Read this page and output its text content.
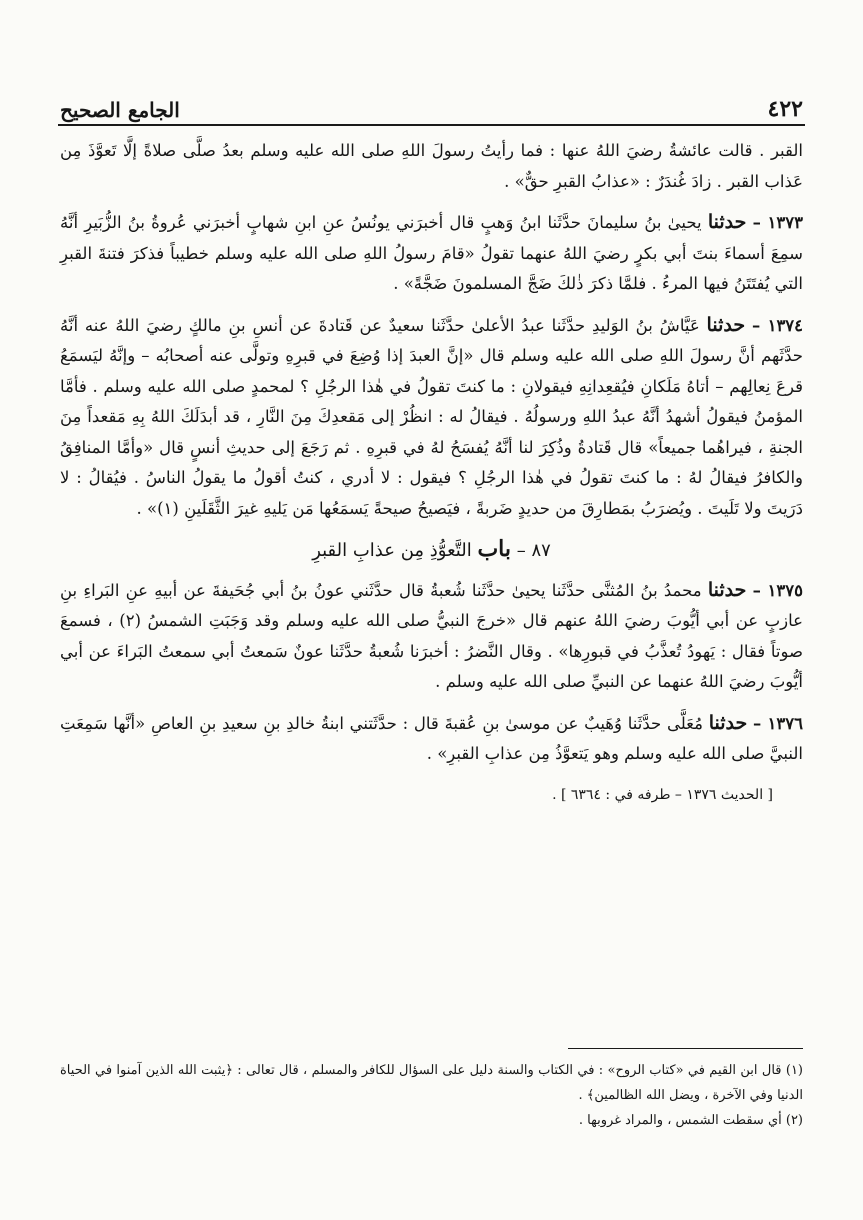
٤٢٢
الجامع الصحيح

القبر . قالت عائشةُ رضيَ اللهُ عنها : فما رأيتُ رسولَ اللهِ صلى الله عليه وسلم بعدُ صلَّى صلاةً إلَّا تَعوَّذَ مِن عَذاب القبر . زادَ غُندَرٌ : «عذابُ القبرِ حقٌّ» .

١٣٧٣ – حدثنا يحيىٰ بنُ سليمانَ حدَّثَنا ابنُ وَهبٍ قال أخبرَني يونُسُ عنِ ابنِ شهابٍ أخبرَني عُروةُ بنُ الزُّبَيرِ أنَّهُ سمِعَ أسماءَ بنتَ أبي بكرٍ رضيَ اللهُ عنهما تقولُ «قامَ رسولُ اللهِ صلى الله عليه وسلم خطيباً فذكرَ فتنةَ القبرِ التي يُفتَتَنُ فيها المرءُ . فلمَّا ذكرَ ذٰلكَ ضَجَّ المسلمونَ ضَجَّةً» .

١٣٧٤ – حدثنا عَيَّاشُ بنُ الوَليدِ حدَّثَنا عبدُ الأعلىٰ حدَّثَنا سعيدٌ عن قَتادةَ عن أنسِ بنِ مالكٍ رضيَ اللهُ عنه أنَّهُ حدَّثَهم أنَّ رسولَ اللهِ صلى الله عليه وسلم قال «إنَّ العبدَ إذا وُضِعَ في قبرِهِ وتولَّى عنه أصحابُه – وإنَّهُ ليَسمَعُ قرعَ نِعالِهم – أتاهُ مَلَكانِ فيُقعِدانِهِ فيقولانِ : ما كنتَ تقولُ في هٰذا الرجُلِ ؟ لمحمدٍ صلى الله عليه وسلم . فأمَّا المؤمنُ فيقولُ أشهدُ أنَّهُ عبدُ اللهِ ورسولُهُ . فيقالُ له : انظُرْ إلى مَقعدِكَ مِنَ النَّارِ ، قد أبدَلَكَ اللهُ بِهِ مَقعداً مِنَ الجنةِ ، فيراهُما جميعاً» قال قَتادةُ وذُكِرَ لنا أنَّهُ يُفسَحُ لهُ في قبرِهِ . ثم رَجَعَ إلى حديثِ أنسٍ قال «وأمَّا المنافِقُ والكافرُ فيقالُ لهُ : ما كنتَ تقولُ في هٰذا الرجُلِ ؟ فيقول : لا أدري ، كنتُ أقولُ ما يقولُ الناسُ . فيُقالُ : لا دَرَيتَ ولا تَلَيتَ . ويُضرَبُ بمَطارِقَ من حديدٍ ضَربةً ، فيَصيحُ صيحةً يَسمَعُها مَن يَليهِ غيرَ الثَّقَلَينِ (١)» .

٨٧ – باب التَّعوُّذِ مِن عذابِ القبرِ

١٣٧٥ – حدثنا محمدُ بنُ المُثنَّى حدَّثَنا يحيىٰ حدَّثَنا شُعبةُ قال حدَّثَني عونُ بنُ أبي جُحَيفةَ عن أبيهِ عنِ البَراءِ بنِ عازبٍ عن أبي أيُّوبَ رضيَ اللهُ عنهم قال «خرجَ النبيُّ صلى الله عليه وسلم وقد وَجَبَتِ الشمسُ (٢) ، فسمعَ صوتاً فقال : يَهودُ تُعذَّبُ في قبورِها» . وقال النَّضرُ : أخبرَنا شُعبةُ حدَّثَنا عونٌ سَمعتُ أبي سمعتُ البَراءَ عن أبي أيُّوبَ رضيَ اللهُ عنهما عن النبيِّ صلى الله عليه وسلم .

١٣٧٦ – حدثنا مُعَلَّى حدَّثَنا وُهَيبٌ عن موسىٰ بنِ عُقبةَ قال : حدَّثَتني ابنةُ خالدِ بنِ سعيدِ بنِ العاصِ «أنَّها سَمِعَتِ النبيَّ صلى الله عليه وسلم وهو يَتعوَّذُ مِن عذابِ القبرِ» .

[ الحديث ١٣٧٦ – طرفه في : ٦٣٦٤ ] .

(١) قال ابن القيم في «كتاب الروح» : في الكتاب والسنة دليل على السؤال للكافر والمسلم ، قال تعالى : ﴿يثبت الله الذين آمنوا في الحياة الدنيا وفي الآخرة ، ويضل الله الظالمين﴾ .

(٢) أي سقطت الشمس ، والمراد غروبها .
